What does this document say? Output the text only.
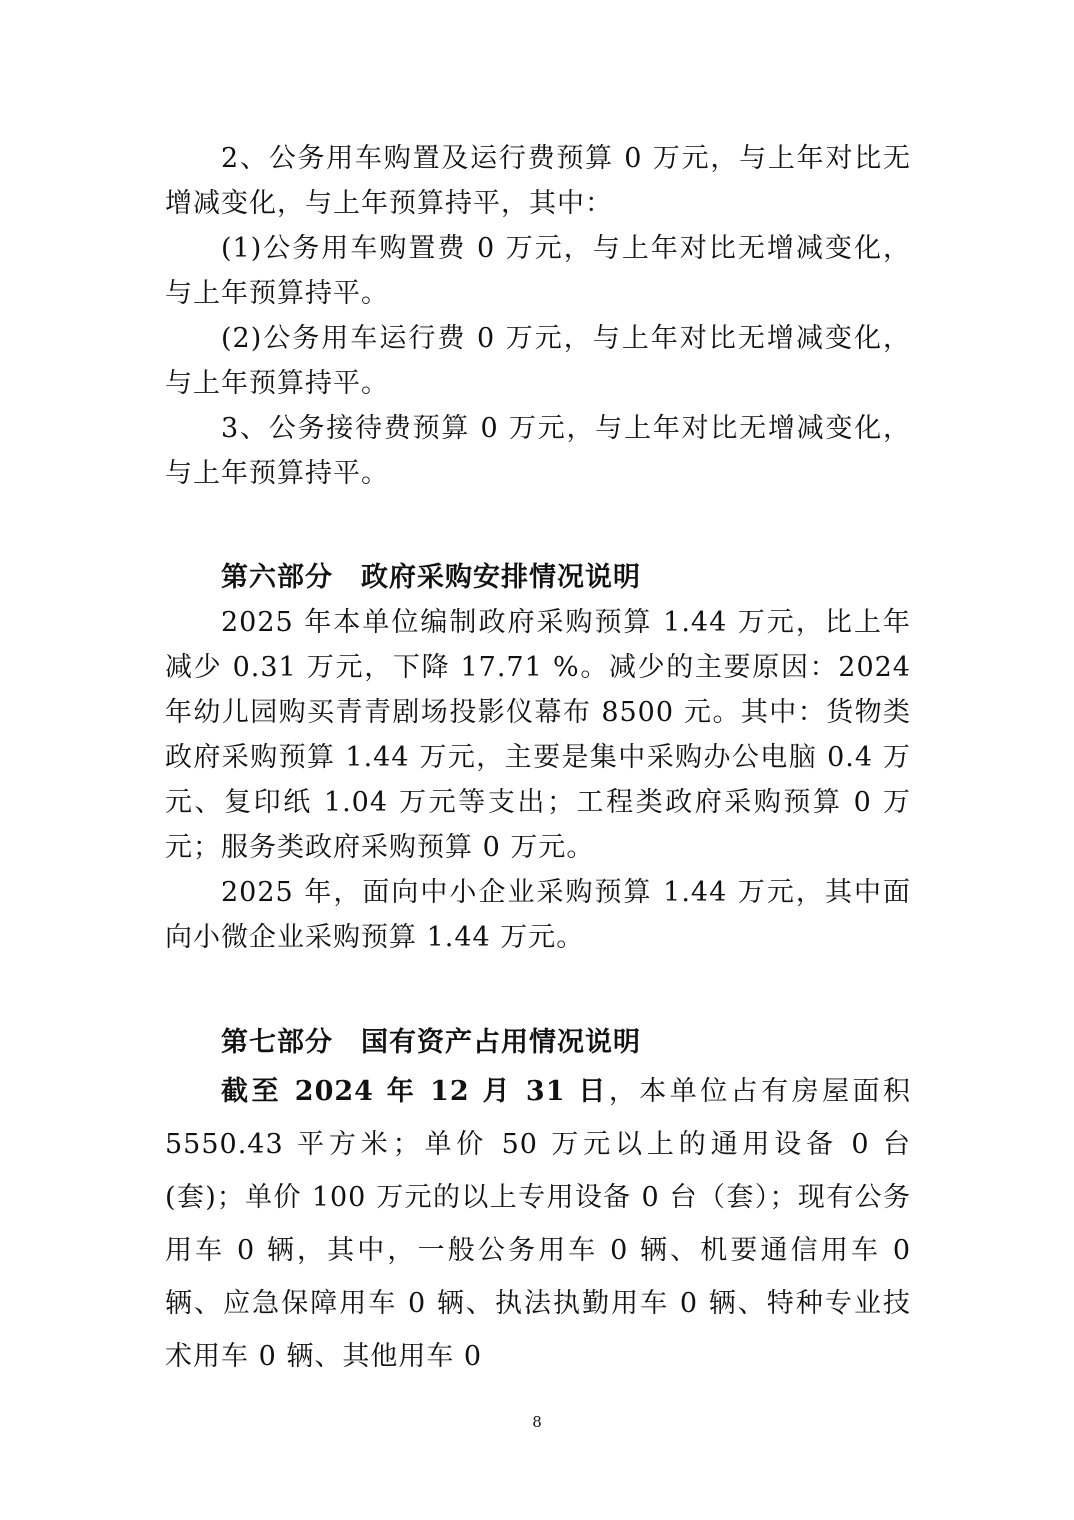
2、公务用车购置及运行费预算 0 万元，与上年对比无增减变化，与上年预算持平，其中：

(1)公务用车购置费 0 万元，与上年对比无增减变化，与上年预算持平。

(2)公务用车运行费 0 万元，与上年对比无增减变化，与上年预算持平。

3、公务接待费预算 0 万元，与上年对比无增减变化，与上年预算持平。

第六部分　政府采购安排情况说明

2025 年本单位编制政府采购预算 1.44 万元，比上年减少 0.31 万元，下降 17.71 %。减少的主要原因：2024 年幼儿园购买青青剧场投影仪幕布 8500 元。其中：货物类政府采购预算 1.44 万元，主要是集中采购办公电脑 0.4 万元、复印纸 1.04 万元等支出；工程类政府采购预算 0 万元；服务类政府采购预算 0 万元。

2025 年，面向中小企业采购预算 1.44 万元，其中面向小微企业采购预算 1.44 万元。

第七部分　国有资产占用情况说明

截至 2024 年 12 月 31 日，本单位占有房屋面积 5550.43 平方米；单价 50 万元以上的通用设备 0 台(套)；单价 100 万元的以上专用设备 0 台（套）；现有公务用车 0 辆，其中，一般公务用车 0 辆、机要通信用车 0 辆、应急保障用车 0 辆、执法执勤用车 0 辆、特种专业技术用车 0 辆、其他用车 0

8
